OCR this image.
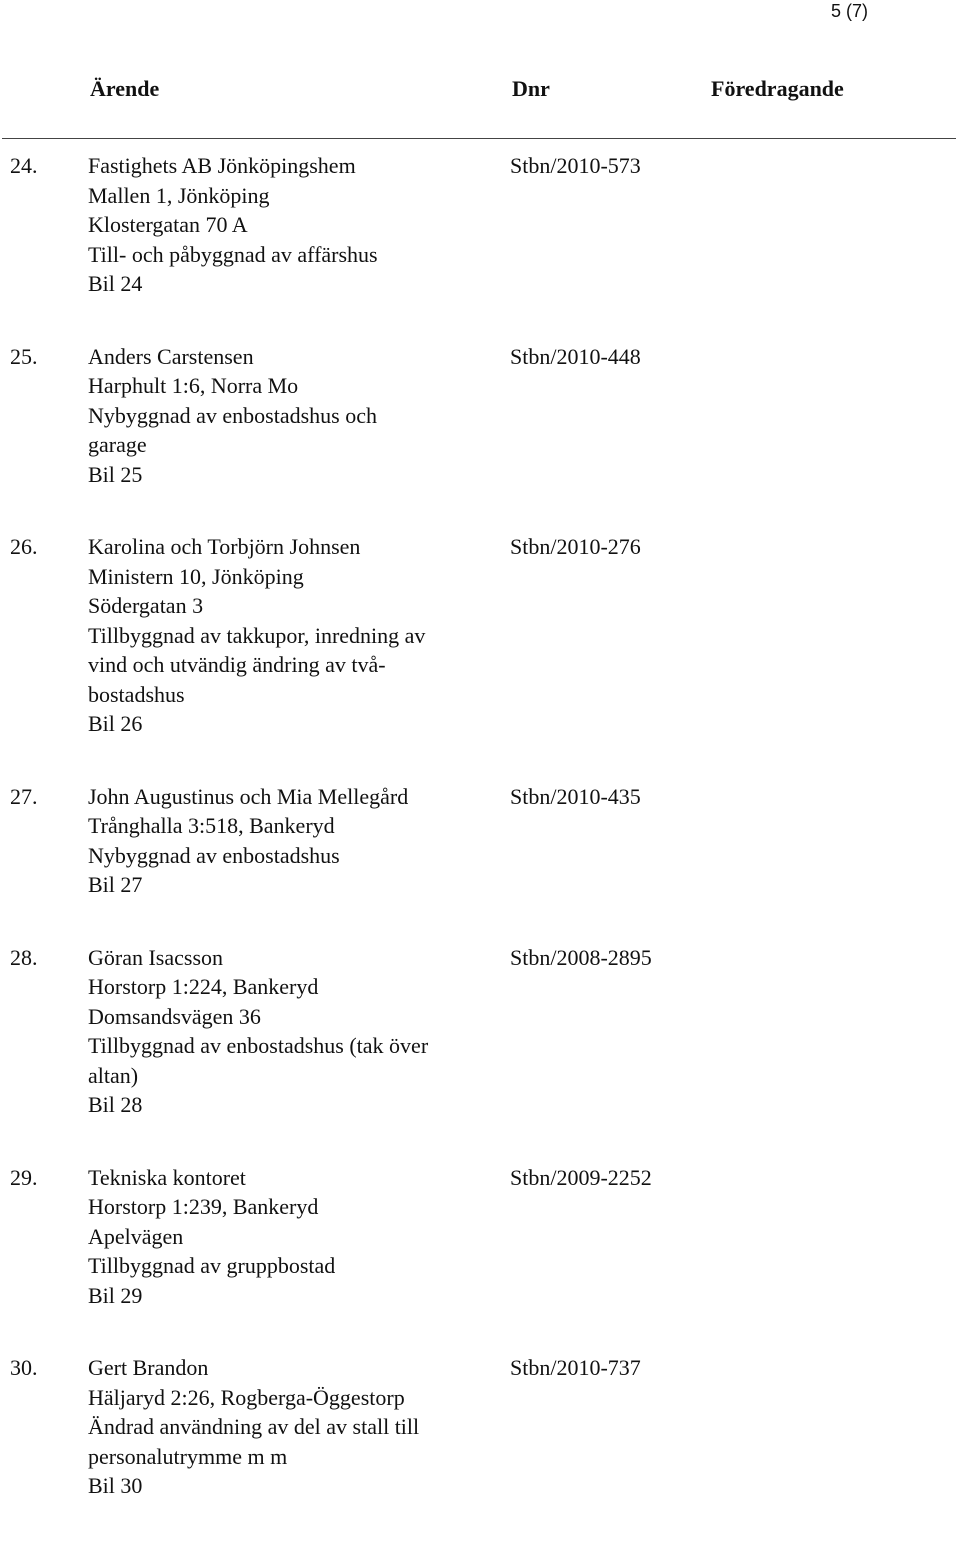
5 (7)
Ärende	Dnr	Föredragande
24. Fastighets AB Jönköpingshem
Mallen 1, Jönköping
Klostergatan 70 A
Till- och påbyggnad av affärshus
Bil 24
Stbn/2010-573
25. Anders Carstensen
Harphult 1:6, Norra Mo
Nybyggnad av enbostadshus och
garage
Bil 25
Stbn/2010-448
26. Karolina och Torbjörn Johnsen
Ministern 10, Jönköping
Södergatan 3
Tillbyggnad av takkupor, inredning av
vind och utvändig ändring av två-
bostadshus
Bil 26
Stbn/2010-276
27. John Augustinus och Mia Mellegård
Trånghalla 3:518, Bankeryd
Nybyggnad av enbostadshus
Bil 27
Stbn/2010-435
28. Göran Isacsson
Horstorp 1:224, Bankeryd
Domsandsvägen 36
Tillbyggnad av enbostadshus (tak över
altan)
Bil 28
Stbn/2008-2895
29. Tekniska kontoret
Horstorp 1:239, Bankeryd
Apelvägen
Tillbyggnad av gruppbostad
Bil 29
Stbn/2009-2252
30. Gert Brandon
Häljaryd 2:26, Rogberga-Öggestorp
Ändrad användning av del av stall till
personalutrymme m m
Bil 30
Stbn/2010-737
